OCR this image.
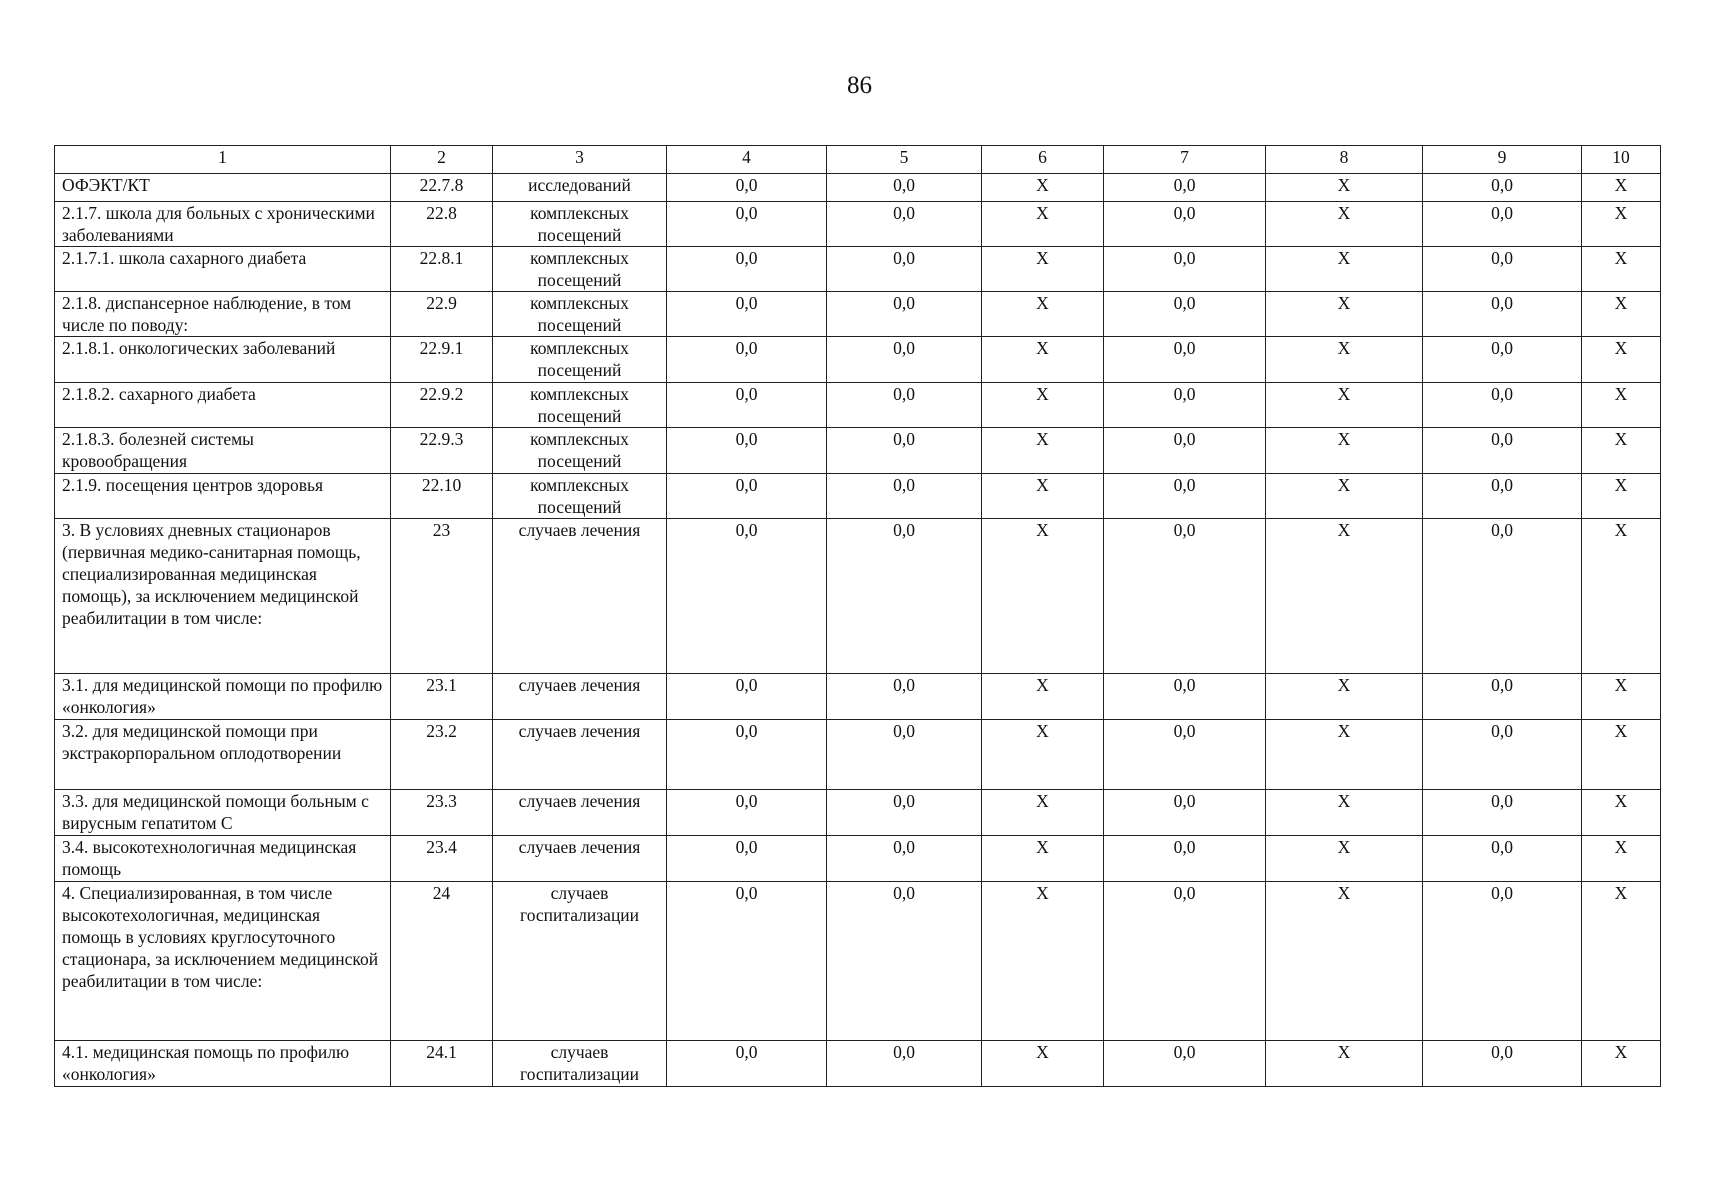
86
1	2	3	4	5	6	7	8	9	10
ОФЭКТ/КТ	22.7.8	исследований	0,0	0,0	X	0,0	X	0,0	X
2.1.7. школа для больных с хроническими заболеваниями	22.8	комплексных посещений	0,0	0,0	X	0,0	X	0,0	X
2.1.7.1. школа сахарного диабета	22.8.1	комплексных посещений	0,0	0,0	X	0,0	X	0,0	X
2.1.8. диспансерное наблюдение, в том числе по поводу:	22.9	комплексных посещений	0,0	0,0	X	0,0	X	0,0	X
2.1.8.1. онкологических заболеваний	22.9.1	комплексных посещений	0,0	0,0	X	0,0	X	0,0	X
2.1.8.2. сахарного диабета	22.9.2	комплексных посещений	0,0	0,0	X	0,0	X	0,0	X
2.1.8.3. болезней системы кровообращения	22.9.3	комплексных посещений	0,0	0,0	X	0,0	X	0,0	X
2.1.9. посещения центров здоровья	22.10	комплексных посещений	0,0	0,0	X	0,0	X	0,0	X
3. В условиях дневных стационаров (первичная медико-санитарная помощь, специализированная медицинская помощь), за исключением медицинской реабилитации в том числе:	23	случаев лечения	0,0	0,0	X	0,0	X	0,0	X
3.1. для медицинской помощи по профилю «онкология»	23.1	случаев лечения	0,0	0,0	X	0,0	X	0,0	X
3.2. для медицинской помощи при экстракорпоральном оплодотворении	23.2	случаев лечения	0,0	0,0	X	0,0	X	0,0	X
3.3. для медицинской помощи больным с вирусным гепатитом С	23.3	случаев лечения	0,0	0,0	X	0,0	X	0,0	X
3.4. высокотехнологичная медицинская помощь	23.4	случаев лечения	0,0	0,0	X	0,0	X	0,0	X
4. Специализированная, в том числе высокотехологичная, медицинская помощь в условиях круглосуточного стационара, за исключением медицинской реабилитации в том числе:	24	случаев госпитализации	0,0	0,0	X	0,0	X	0,0	X
4.1. медицинская помощь по профилю «онкология»	24.1	случаев госпитализации	0,0	0,0	X	0,0	X	0,0	X
